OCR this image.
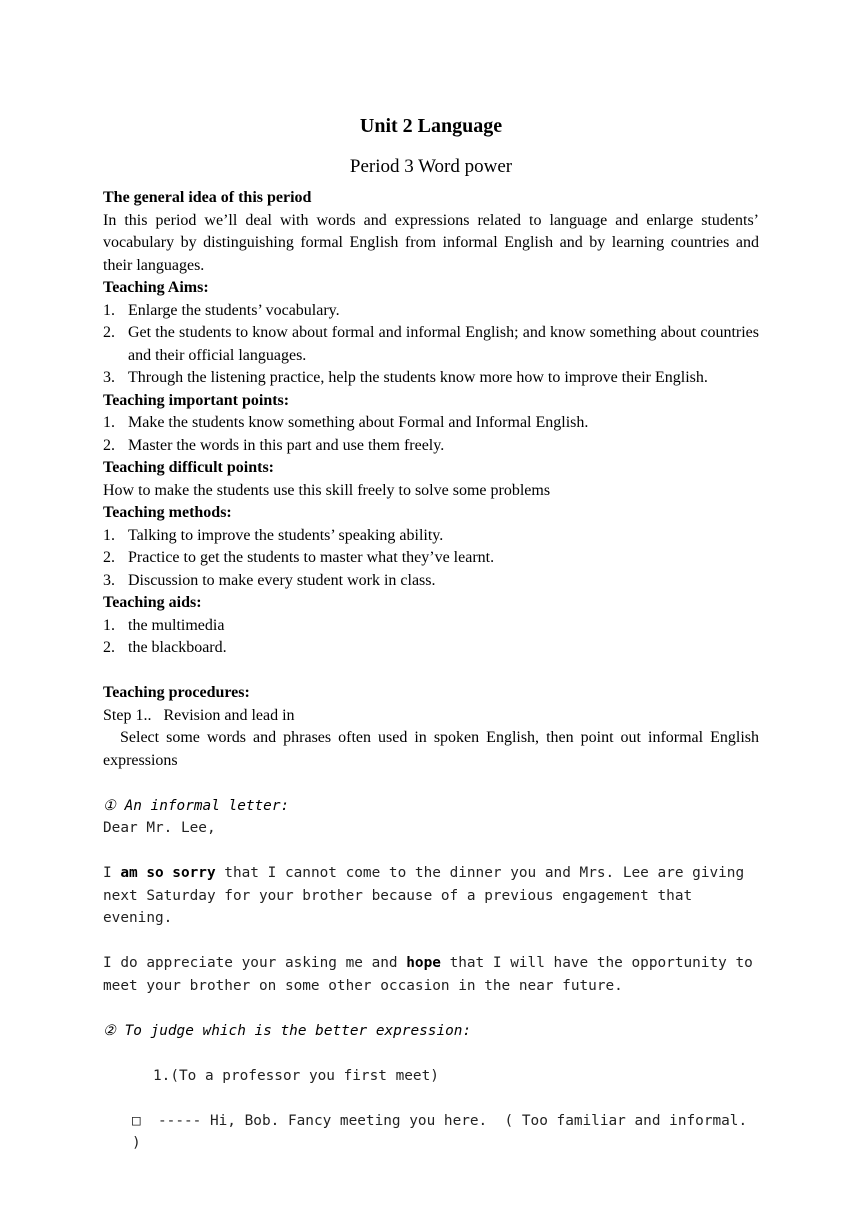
Unit 2 Language

Period 3 Word power

The general idea of this period

In this period we’ll deal with words and expressions related to language and enlarge students’ vocabulary by distinguishing formal English from informal English and by learning countries and their languages.

Teaching Aims:

1. Enlarge the students’ vocabulary.
2. Get the students to know about formal and informal English; and know something about countries and their official languages.
3. Through the listening practice, help the students know more how to improve their English.

Teaching important points:

1. Make the students know something about Formal and Informal English.
2. Master the words in this part and use them freely.

Teaching difficult points:

How to make the students use this skill freely to solve some problems

Teaching methods:

1. Talking to improve the students’ speaking ability.
2. Practice to get the students to master what they’ve learnt.
3. Discussion to make every student work in class.

Teaching aids:

1. the multimedia
2. the blackboard.

Teaching procedures:

Step 1..   Revision and lead in

Select some words and phrases often used in spoken English, then point out informal English expressions

① An informal letter:

Dear Mr. Lee,

I am so sorry that I cannot come to the dinner you and Mrs. Lee are giving next Saturday for your brother because of a previous engagement that evening.

I do appreciate your asking me and hope that I will have the opportunity to meet your brother on some other occasion in the near future.

② To judge which is the better expression:

1.(To a professor you first meet)

□  ----- Hi, Bob. Fancy meeting you here.  ( Too familiar and informal. )
